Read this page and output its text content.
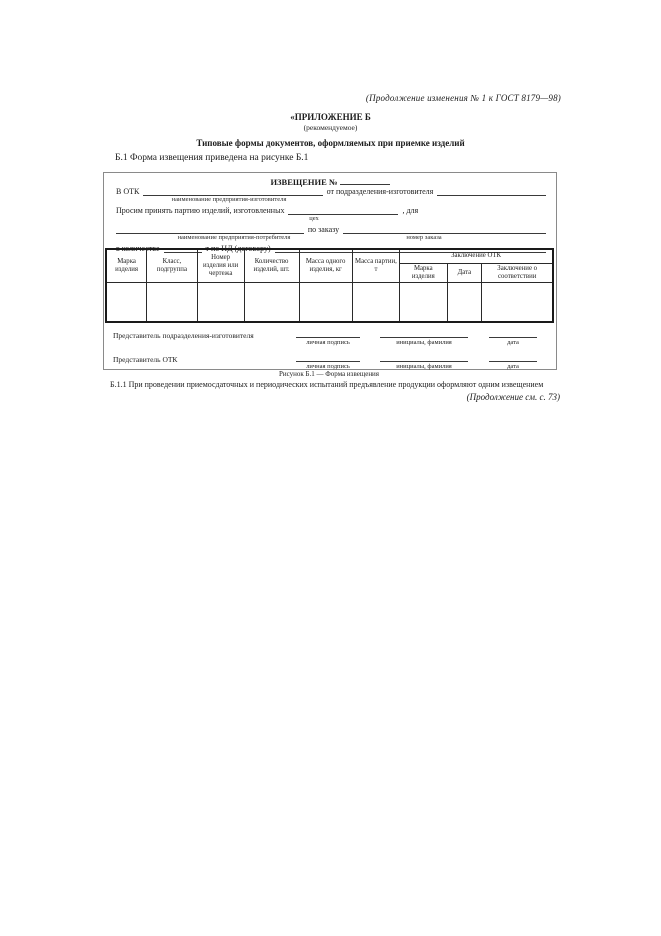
(Продолжение изменения № 1 к ГОСТ 8179—98)
«ПРИЛОЖЕНИЕ Б
(рекомендуемое)
Типовые формы документов, оформляемых при приемке изделий
Б.1 Форма извещения приведена на рисунке Б.1
ИЗВЕЩЕНИЕ №
В ОТК	от подразделения-изготовителя
наименование предприятия-изготовителя
Просим принять партию изделий, изготовленных	, для
цех
по заказу
наименование предприятия-потребителя	номер заказа
в количестве	т по НД (договору)
Марка изделия	Класс, подгруппа	Номер изделия или чертежа	Количество изделий, шт.	Масса одного изделия, кг	Масса партии, т	Заключение ОТК		
						Марка изделия	Дата	Заключение о соответствии

Представитель подразделения-изготовителя
личная подпись	инициалы, фамилия	дата
Представитель ОТК
личная подпись	инициалы, фамилия	дата
Рисунок Б.1 — Форма извещения
Б.1.1 При проведении приемосдаточных и периодических испытаний предъявление продукции оформляют одним извещением
(Продолжение см. с. 73)
